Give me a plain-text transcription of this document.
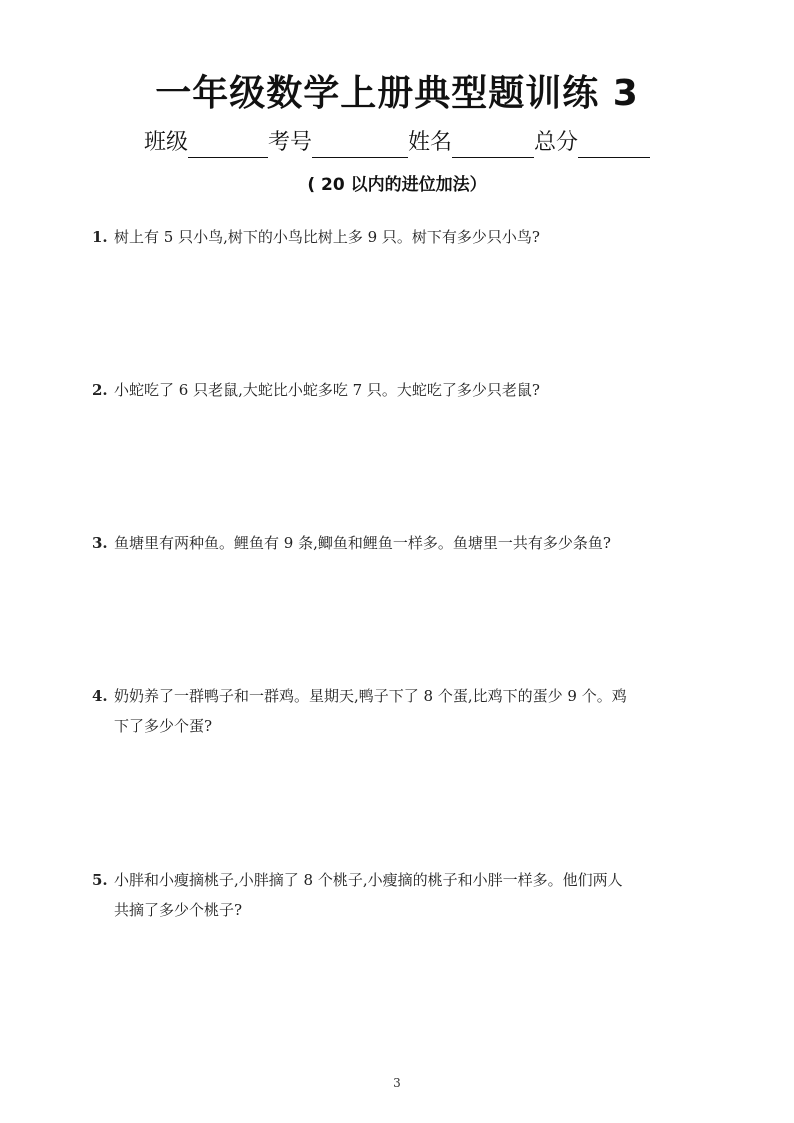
一年级数学上册典型题训练 3
班级	考号	姓名	总分
( 20 以内的进位加法）
1. 树上有 5 只小鸟,树下的小鸟比树上多 9 只。树下有多少只小鸟?
2. 小蛇吃了 6 只老鼠,大蛇比小蛇多吃 7 只。大蛇吃了多少只老鼠?
3. 鱼塘里有两种鱼。鲤鱼有 9 条,鲫鱼和鲤鱼一样多。鱼塘里一共有多少条鱼?
4. 奶奶养了一群鸭子和一群鸡。星期天,鸭子下了 8 个蛋,比鸡下的蛋少 9 个。鸡
下了多少个蛋?
5. 小胖和小瘦摘桃子,小胖摘了 8 个桃子,小瘦摘的桃子和小胖一样多。他们两人
共摘了多少个桃子?
3
